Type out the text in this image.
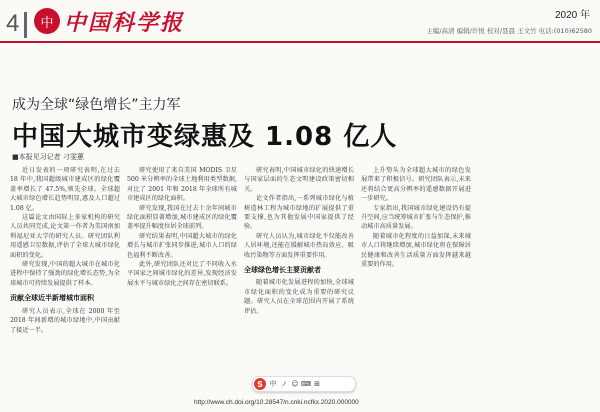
4	中 中国科学报	2020 年
主编/高清 编辑/许悦 校对/聂晨 王文竹 电话:(010)62580
成为全球“绿色增长”主力军
中国大城市变绿惠及 1.08 亿人
■本报见习记者 刁雯蕙

近日发表的一项研究表明,在过去 18 年中,我国超级城市建成区的绿化覆盖率增长了 47.5%,领先全球。全球超大城市绿色增长趋势明显,惠及人口超过 1.08 亿。

这篇论文由国际上多家机构的研究人员共同完成,论文第一作者为美国南加利福尼亚大学的研究人员。研究团队利用遥感卫星数据,评估了全球大城市绿化面积的变化。

研究发现,中国的超大城市在城市化进程中保持了强劲的绿化增长态势,为全球城市可持续发展提供了样本。

贡献全球近半新增城市面积

研究人员表示,全球在 2000 年至 2018 年间新增的城市绿地中,中国贡献了接近一半。

研究使用了来自美国 MODIS 卫星 500 米分辨率的全球土地利用类型数据,对比了 2001 年和 2018 年全球所有城市建成区的绿化面积。

研究发现,我国在过去十余年间城市绿化面积显著增加,城市建成区的绿化覆盖率提升幅度位居全球前列。

研究结果表明,中国超大城市的绿化增长与城市扩张同步推进,城市人口的绿色福利不断改善。

此外,研究团队还对比了不同收入水平国家之间城市绿化的差异,发现经济发展水平与城市绿化之间存在密切联系。

研究表明,中国城市绿化的快速增长与国家层面的生态文明建设政策密切相关。

论文作者指出,一系列城市绿化与植树造林工程为城市绿地的扩展提供了重要支撑,也为其他发展中国家提供了经验。

研究人员认为,城市绿化不仅能改善人居环境,还能在缓解城市热岛效应、吸收污染物等方面发挥重要作用。

全球绿色增长主要贡献者

随着城市化发展进程的加快,全球城市绿化面积的变化成为重要的研究议题。研究人员在全球范围内开展了系统评估。

上升势头为全球超大城市的绿色发展带来了积极信号。研究团队表示,未来还将结合更高分辨率的遥感数据开展进一步研究。

专家指出,我国城市绿化建设仍有提升空间,应当统筹城市扩张与生态保护,推动城市高质量发展。

随着城市化程度的日益加深,未来城市人口将继续增加,城市绿化将在保障居民健康和改善生活质量方面发挥越来越重要的作用。

S 中 ノ ☺ ⌨ ⊞
http://www.ch.doi.org/10.28547/n.cnki.ncfkx.2020.000000
